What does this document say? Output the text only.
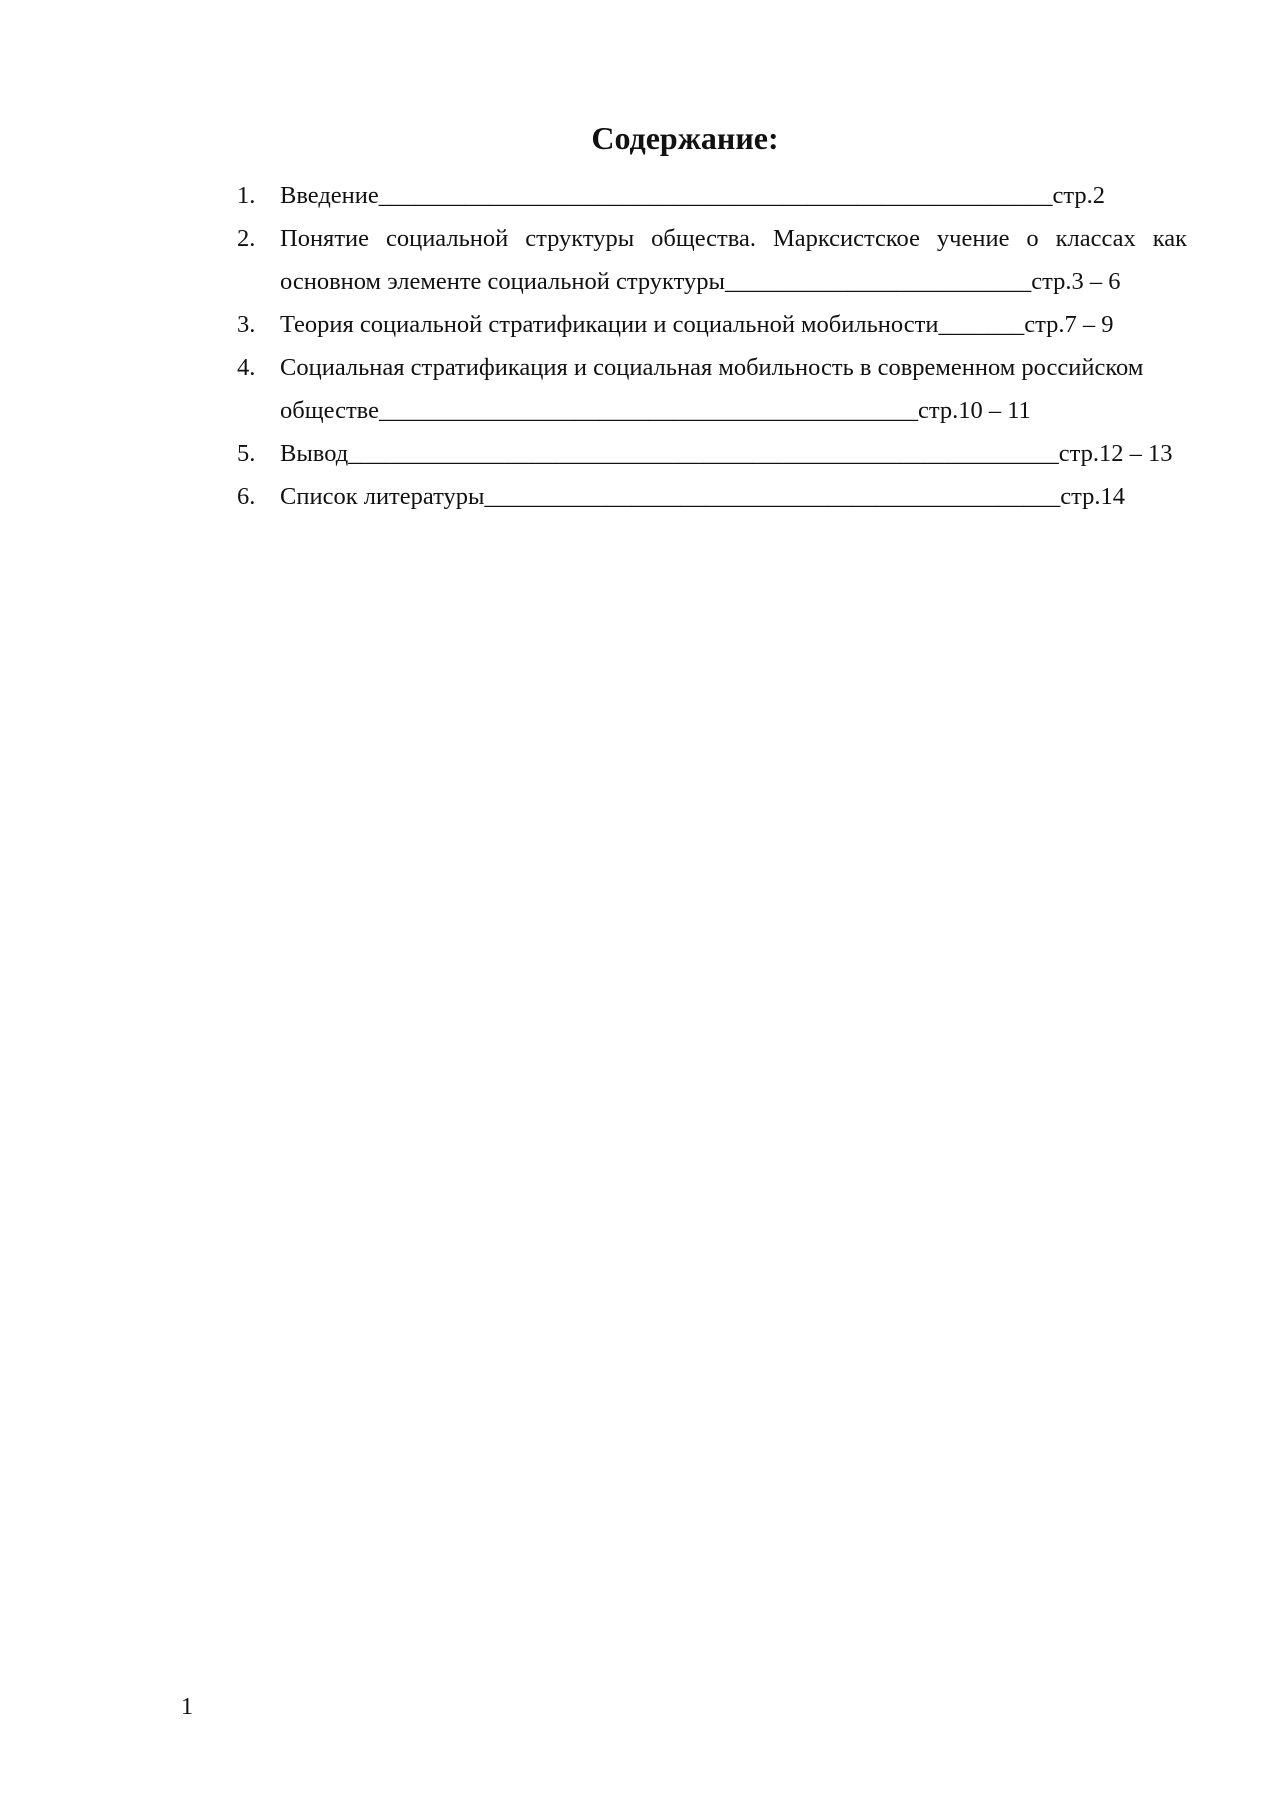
Содержание:
1. Введение_______________________________________________________стр.2
2. Понятие социальной структуры общества. Марксистское учение о классах как основном элементе социальной структуры_________________________стр.3 – 6
3. Теория социальной стратификации и социальной мобильности_______стр.7 – 9
4. Социальная стратификация и социальная мобильность в современном российском
обществе____________________________________________стр.10 – 11
5. Вывод__________________________________________________________стр.12 – 13
6. Список литературы_______________________________________________стр.14
1
